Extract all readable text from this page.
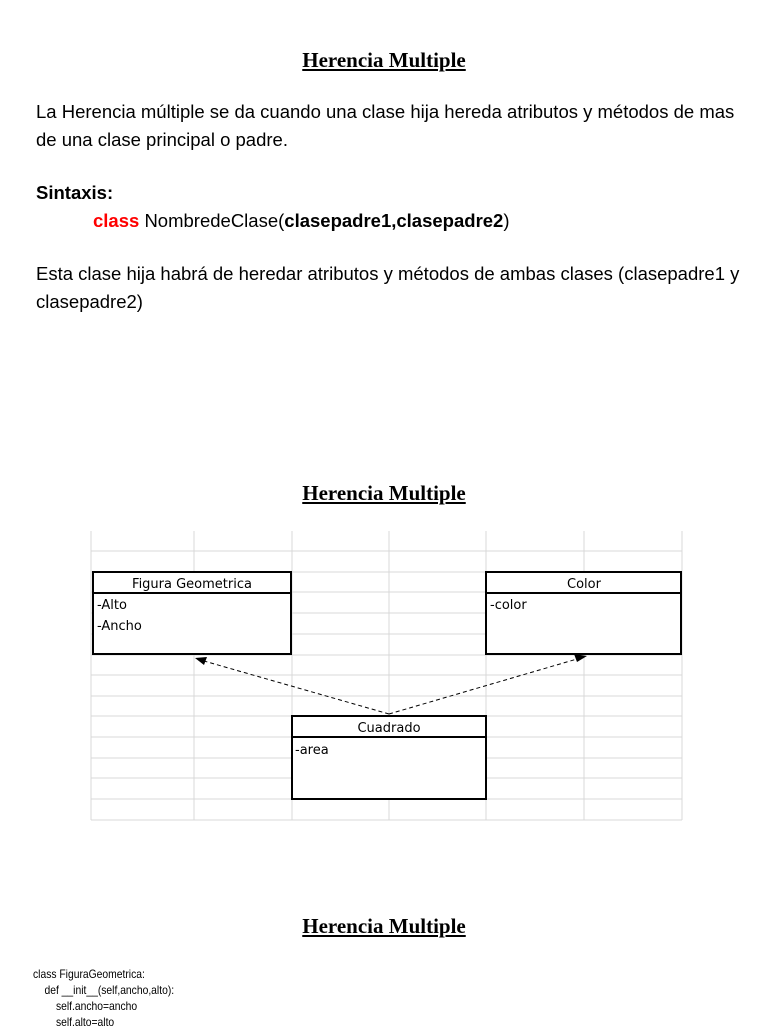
Herencia Multiple

La Herencia múltiple se da cuando una clase hija hereda atributos y métodos de mas de una clase principal o padre.

Sintaxis:

class NombredeClase(clasepadre1,clasepadre2)

Esta clase hija habrá de heredar atributos y métodos de ambas clases (clasepadre1 y clasepadre2)

Herencia Multiple
Figura Geometrica
-Alto
-Ancho
Color
-color
Cuadrado
-area
Herencia Multiple
class FiguraGeometrica:
def __init__(self,ancho,alto):
self.ancho=ancho
self.alto=alto
